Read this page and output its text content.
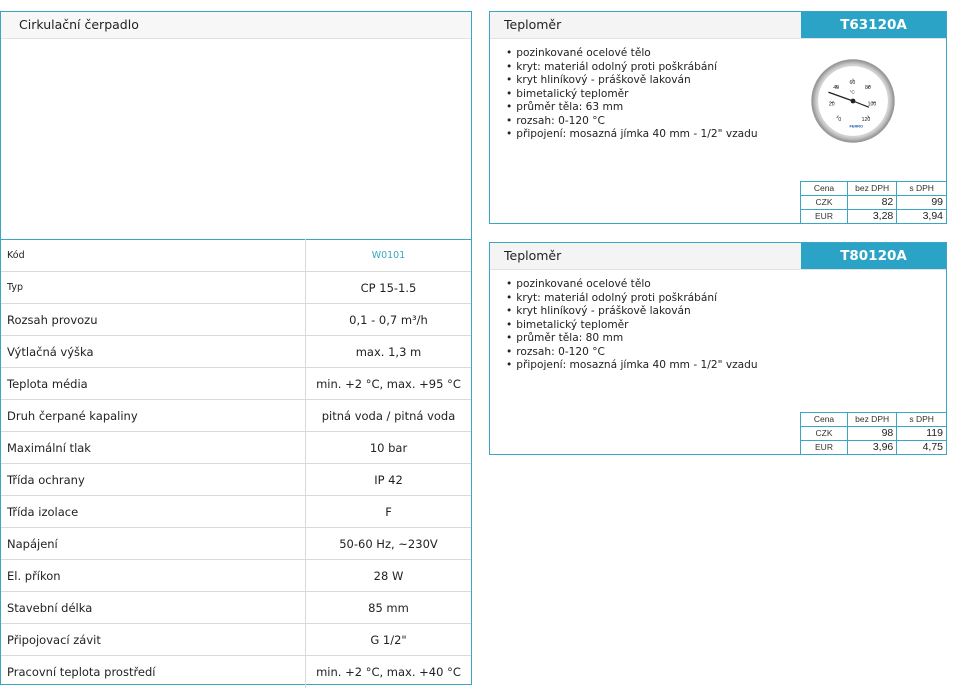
Cirkulační čerpadlo
Kód	W0101
Typ	CP 15-1.5
Rozsah provozu	0,1 - 0,7 m³/h
Výtlačná výška	max. 1,3 m
Teplota média	min. +2 °C, max. +95 °C
Druh čerpané kapaliny	pitná voda / pitná voda
Maximální tlak	10 bar
Třída ochrany	IP 42
Třída izolace	F
Napájení	50-60 Hz, ~230V
El. příkon	28 W
Stavební délka	85 mm
Připojovací závit	G 1/2"
Pracovní teplota prostředí	min. +2 °C, max. +40 °C
Teploměr	T63120A
• pozinkované ocelové tělo
• kryt: materiál odolný proti poškrábání
• kryt hliníkový - práškově lakován
• bimetalický teploměr
• průměr těla: 63 mm
• rozsah: 0-120 °C
• připojení: mosazná jímka 40 mm - 1/2" vzadu
0
20
40
60
80
100
120
°C
FERRO
Cena	bez DPH	s DPH
CZK	82	99
EUR	3,28	3,94
Teploměr	T80120A
• pozinkované ocelové tělo
• kryt: materiál odolný proti poškrábání
• kryt hliníkový - práškově lakován
• bimetalický teploměr
• průměr těla: 80 mm
• rozsah: 0-120 °C
• připojení: mosazná jímka 40 mm - 1/2" vzadu
Cena	bez DPH	s DPH
CZK	98	119
EUR	3,96	4,75
